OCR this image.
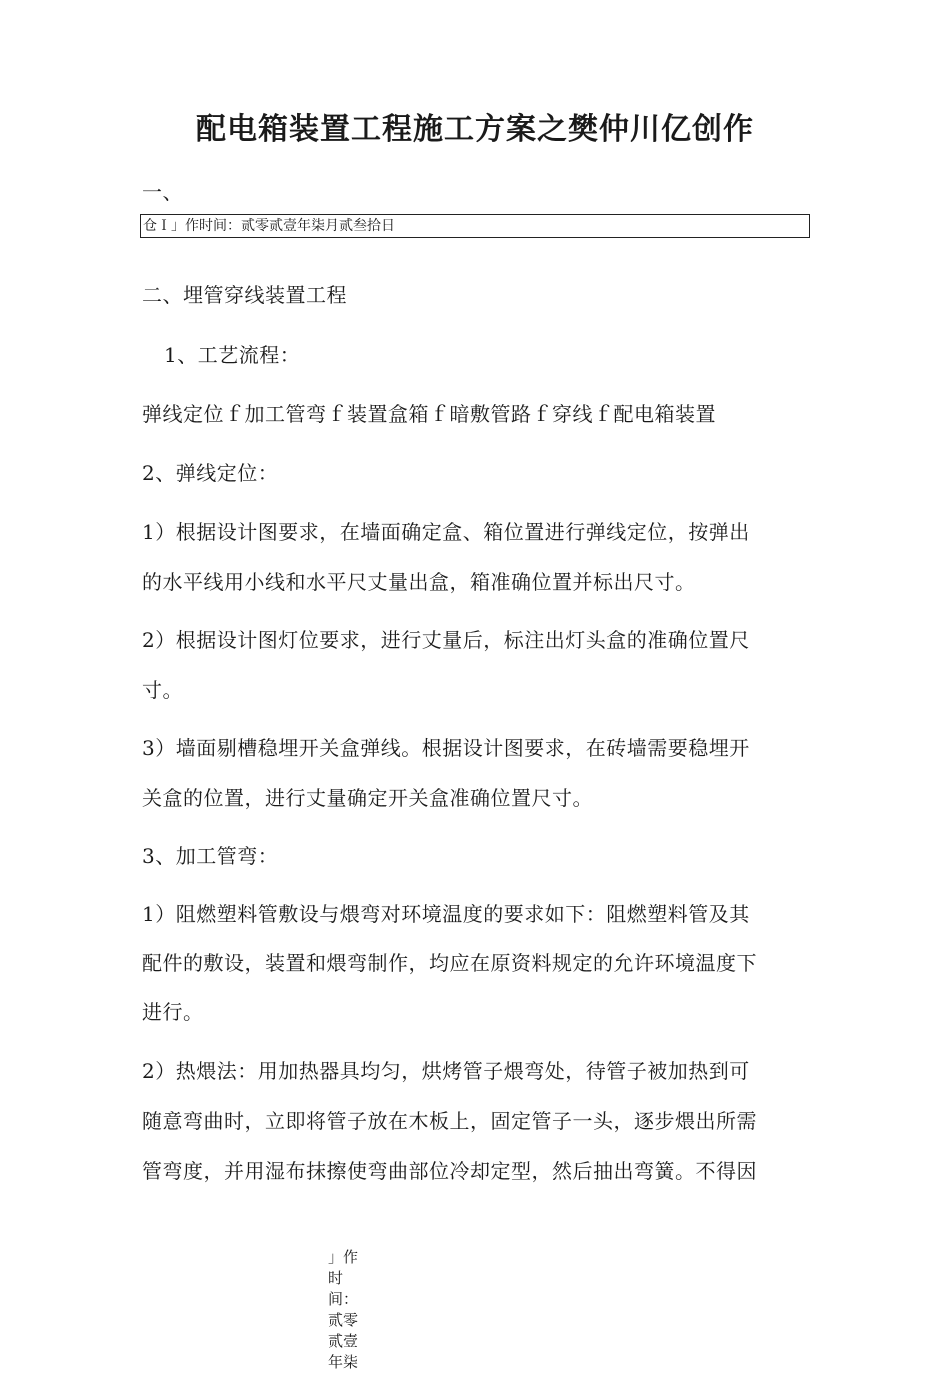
配电箱装置工程施工方案之樊仲川亿创作
一、
仓Ｉ」作时间：贰零贰壹年柒月贰叁拾日
二、埋管穿线装置工程
1、工艺流程：
弹线定位ｆ加工管弯ｆ装置盒箱ｆ暗敷管路ｆ穿线ｆ配电箱装置
2、弹线定位：
1）根据设计图要求，在墙面确定盒、箱位置进行弹线定位，按弹出
的水平线用小线和水平尺丈量出盒，箱准确位置并标出尺寸。
2）根据设计图灯位要求，进行丈量后，标注出灯头盒的准确位置尺
寸。
3）墙面剔槽稳埋开关盒弹线。根据设计图要求，在砖墙需要稳埋开
关盒的位置，进行丈量确定开关盒准确位置尺寸。
3、加工管弯：
1）阻燃塑料管敷设与煨弯对环境温度的要求如下：阻燃塑料管及其
配件的敷设，装置和煨弯制作，均应在原资料规定的允许环境温度下
进行。
2）热煨法：用加热器具均匀，烘烤管子煨弯处，待管子被加热到可
随意弯曲时，立即将管子放在木板上，固定管子一头，逐步煨出所需
管弯度，并用湿布抹擦使弯曲部位冷却定型，然后抽出弯簧。不得因
」作时间：贰零贰壹年柒
